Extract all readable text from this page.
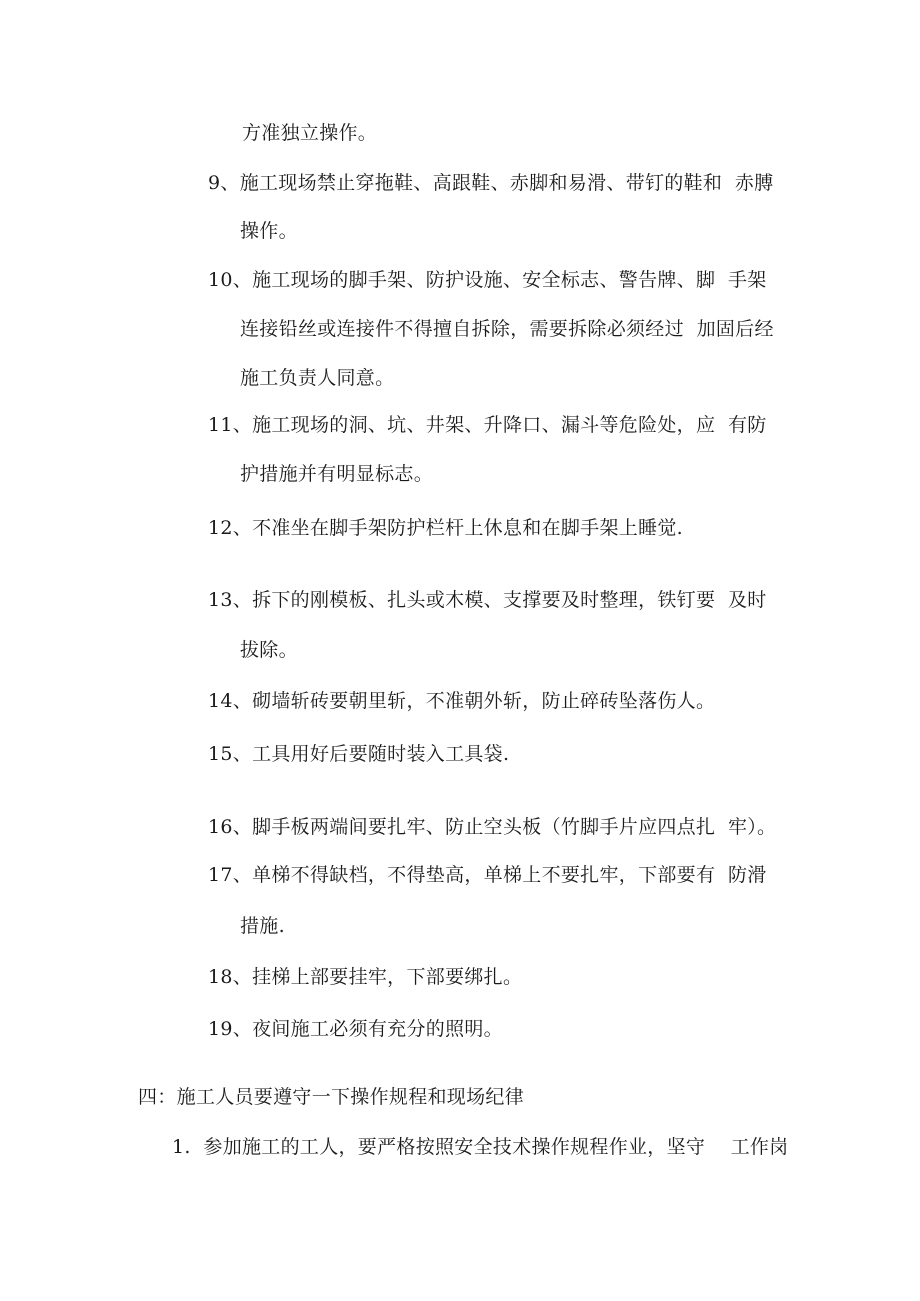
方准独立操作。
9、施工现场禁止穿拖鞋、高跟鞋、赤脚和易滑、带钉的鞋和  赤膊
操作。
10、施工现场的脚手架、防护设施、安全标志、警告牌、脚  手架
连接铅丝或连接件不得擅自拆除，需要拆除必须经过  加固后经
施工负责人同意。
11、施工现场的洞、坑、井架、升降口、漏斗等危险处，应  有防
护措施并有明显标志。
12、不准坐在脚手架防护栏杆上休息和在脚手架上睡觉.
13、拆下的刚模板、扎头或木模、支撑要及时整理，铁钉要  及时
拔除。
14、砌墙斩砖要朝里斩，不准朝外斩，防止碎砖坠落伤人。
15、工具用好后要随时装入工具袋.
16、脚手板两端间要扎牢、防止空头板（竹脚手片应四点扎  牢）。
17、单梯不得缺档，不得垫高，单梯上不要扎牢，下部要有  防滑
措施.
18、挂梯上部要挂牢，下部要绑扎。
19、夜间施工必须有充分的照明。
四：施工人员要遵守一下操作规程和现场纪律
1.  参加施工的工人，要严格按照安全技术操作规程作业，坚守    工作岗
